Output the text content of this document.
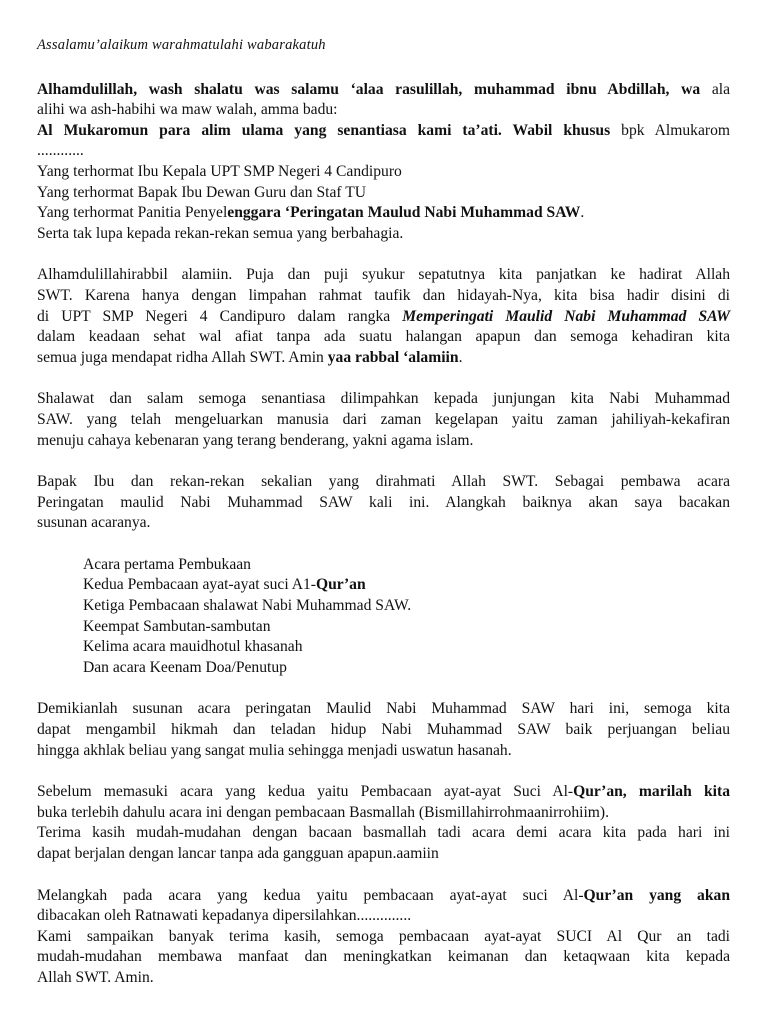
Assalamu’alaikum warahmatulahi wabarakatuh

Alhamdulillah, wash shalatu was salamu ‘alaa rasulillah, muhammad ibnu Abdillah, wa ala
alihi wa ash-habihi wa maw walah, amma badu:
Al Mukaromun para alim ulama yang senantiasa kami ta’ati. Wabil khusus bpk Almukarom
............
Yang terhormat Ibu Kepala UPT SMP Negeri 4 Candipuro
Yang terhormat Bapak Ibu Dewan Guru dan Staf TU
Yang terhormat Panitia Penyelenggara ‘Peringatan Maulud Nabi Muhammad SAW.
Serta tak lupa kepada rekan-rekan semua yang berbahagia.

Alhamdulillahirabbil alamiin. Puja dan puji syukur sepatutnya kita panjatkan ke hadirat Allah
SWT. Karena hanya dengan limpahan rahmat taufik dan hidayah-Nya, kita bisa hadir disini di
di UPT SMP Negeri 4 Candipuro dalam rangka Memperingati Maulid Nabi Muhammad SAW
dalam keadaan sehat wal afiat tanpa ada suatu halangan apapun dan semoga kehadiran kita
semua juga mendapat ridha Allah SWT. Amin yaa rabbal ‘alamiin.

Shalawat dan salam semoga senantiasa dilimpahkan kepada junjungan kita Nabi Muhammad
SAW. yang telah mengeluarkan manusia dari zaman kegelapan yaitu zaman jahiliyah-kekafiran
menuju cahaya kebenaran yang terang benderang, yakni agama islam.

Bapak Ibu dan rekan-rekan sekalian yang dirahmati Allah SWT. Sebagai pembawa acara
Peringatan maulid Nabi Muhammad SAW kali ini. Alangkah baiknya akan saya bacakan
susunan acaranya.

Acara pertama Pembukaan
Kedua Pembacaan ayat-ayat suci A1-Qur’an
Ketiga Pembacaan shalawat Nabi Muhammad SAW.
Keempat Sambutan-sambutan
Kelima acara mauidhotul khasanah
Dan acara Keenam Doa/Penutup

Demikianlah susunan acara peringatan Maulid Nabi Muhammad SAW hari ini, semoga kita
dapat mengambil hikmah dan teladan hidup Nabi Muhammad SAW baik perjuangan beliau
hingga akhlak beliau yang sangat mulia sehingga menjadi uswatun hasanah.

Sebelum memasuki acara yang kedua yaitu Pembacaan ayat-ayat Suci Al-Qur’an, marilah kita
buka terlebih dahulu acara ini dengan pembacaan Basmallah (Bismillahirrohmaanirrohiim).
Terima kasih mudah-mudahan dengan bacaan basmallah tadi acara demi acara kita pada hari ini
dapat berjalan dengan lancar tanpa ada gangguan apapun.aamiin

Melangkah pada acara yang kedua yaitu pembacaan ayat-ayat suci Al-Qur’an yang akan
dibacakan oleh Ratnawati kepadanya dipersilahkan..............
Kami sampaikan banyak terima kasih, semoga pembacaan ayat-ayat SUCI Al Qur an tadi
mudah-mudahan membawa manfaat dan meningkatkan keimanan dan ketaqwaan kita kepada
Allah SWT. Amin.
